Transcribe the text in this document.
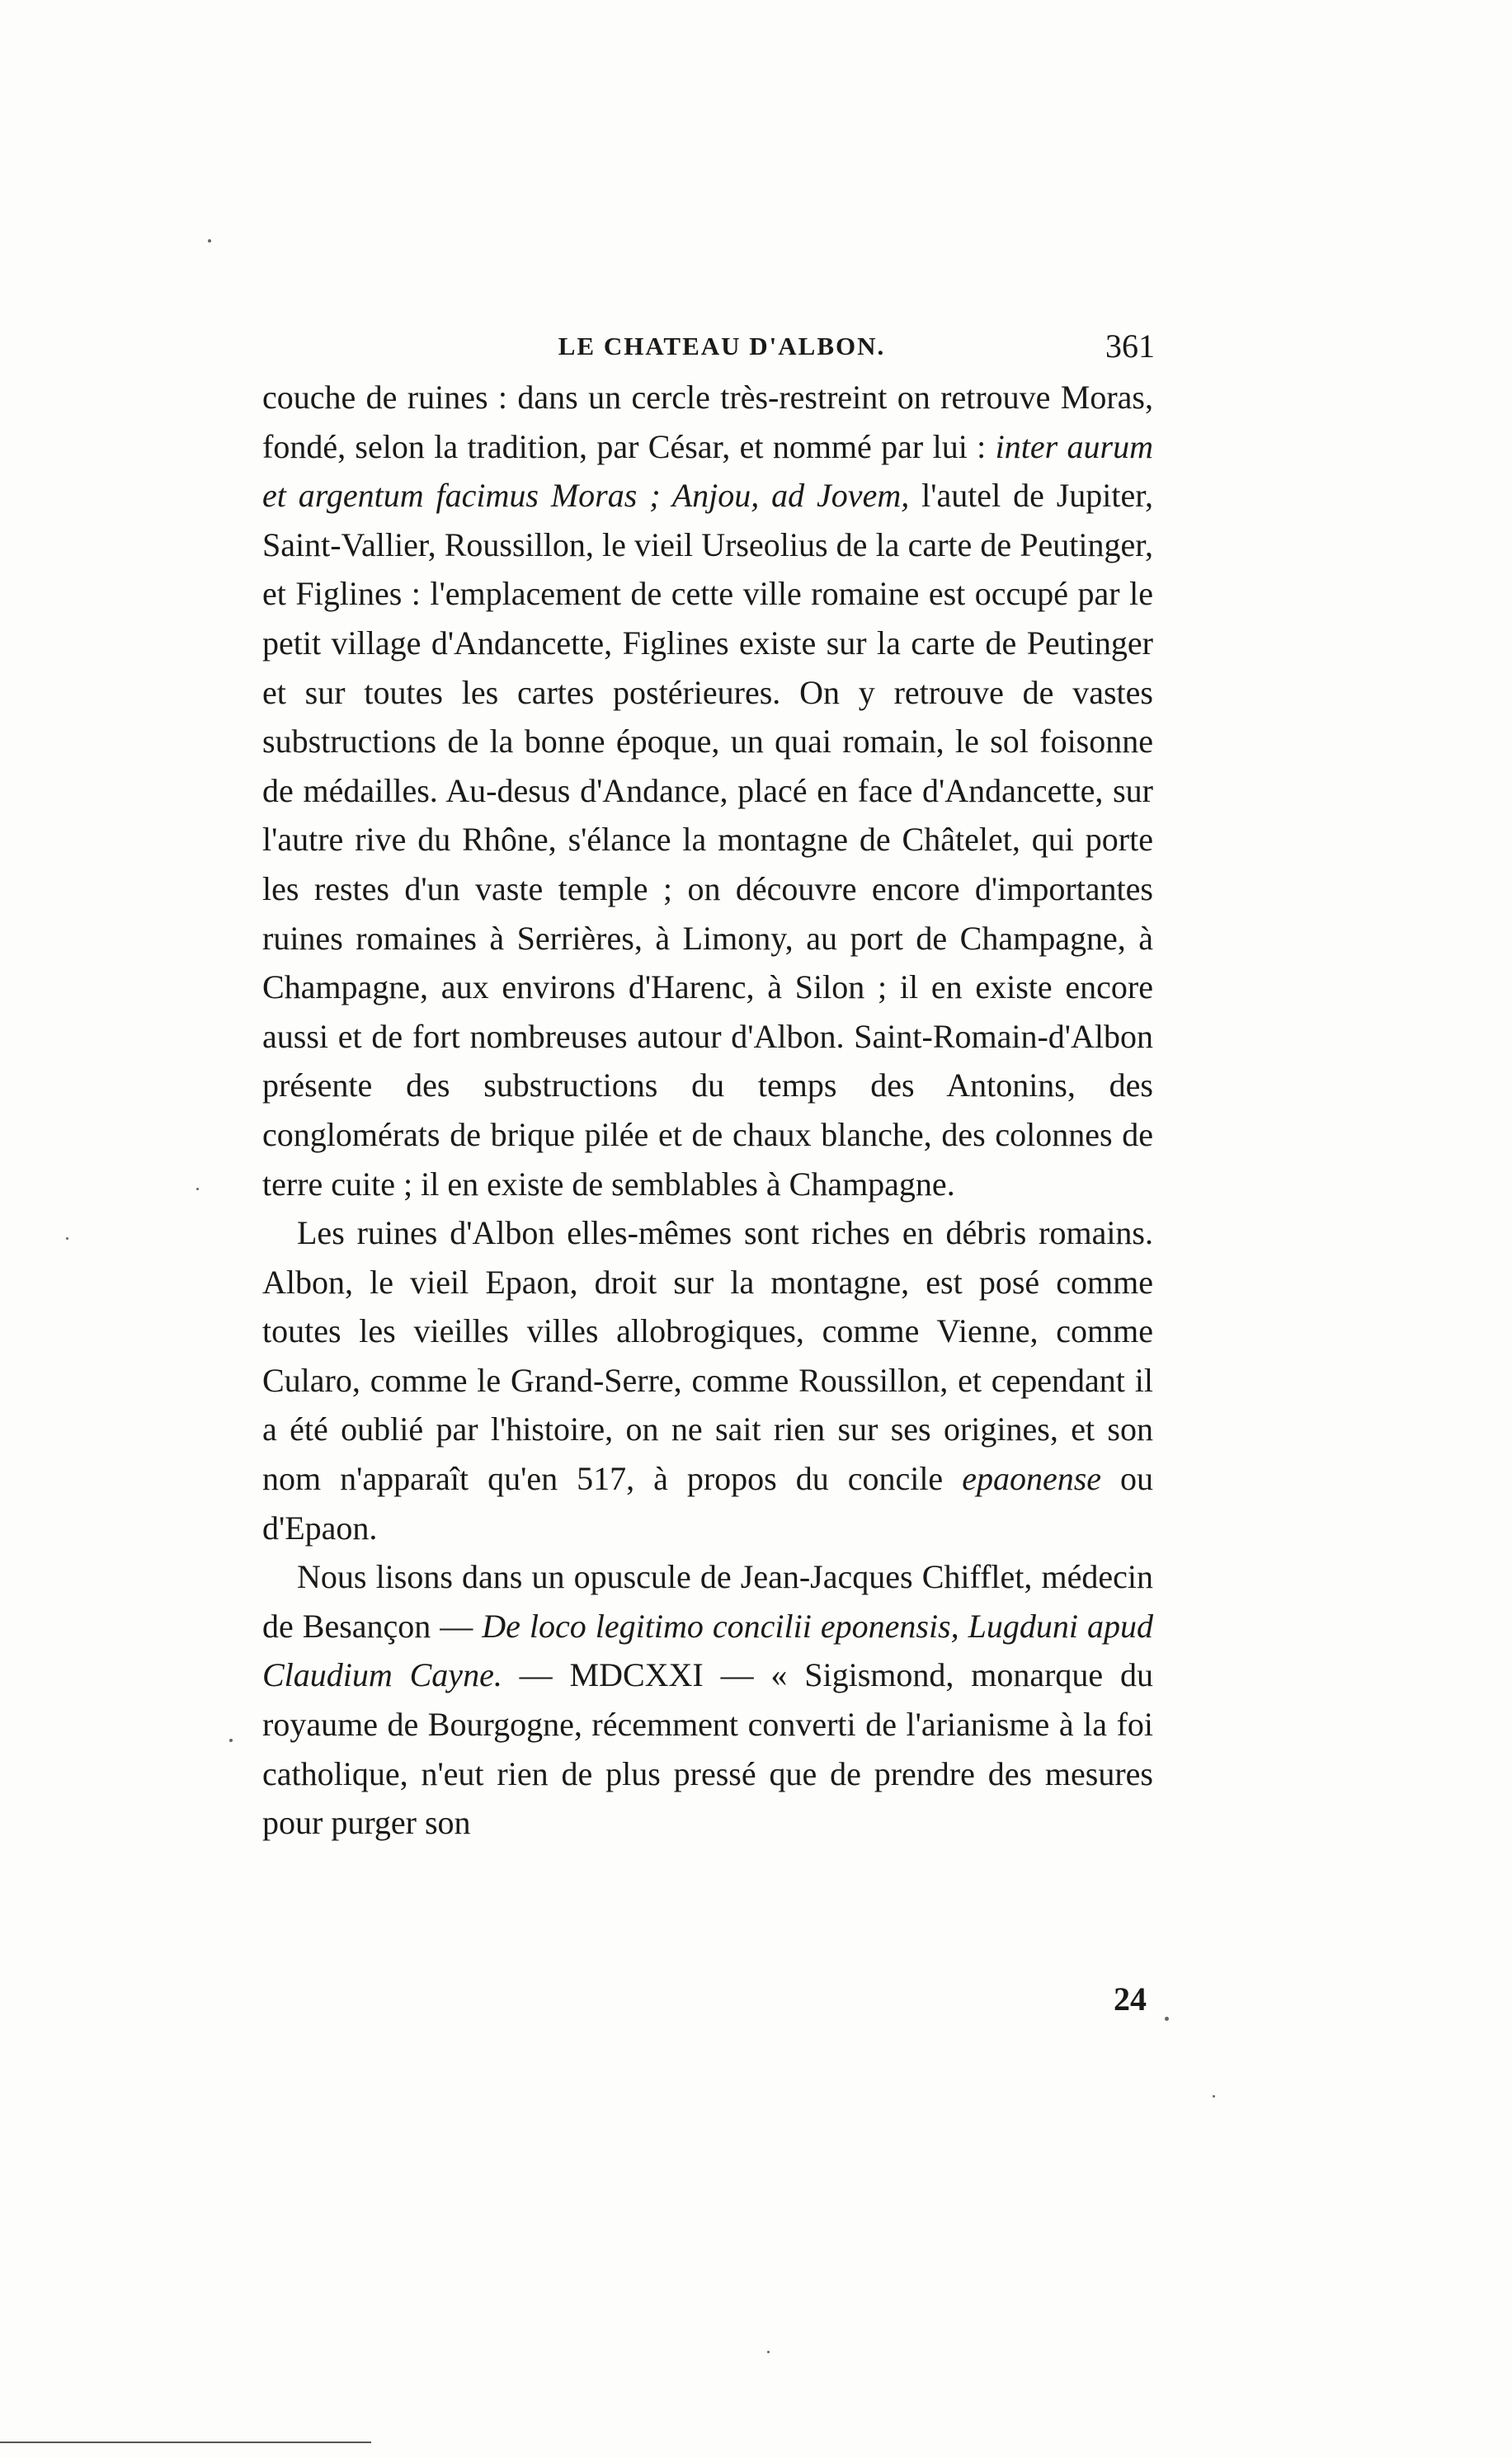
LE CHATEAU D'ALBON.	361

couche de ruines : dans un cercle très-restreint on retrouve Moras, fondé, selon la tradition, par César, et nommé par lui : inter aurum et argentum facimus Moras ; Anjou, ad Jovem, l'autel de Jupiter, Saint-Vallier, Roussillon, le vieil Urseolius de la carte de Peutinger, et Figlines : l'emplacement de cette ville romaine est occupé par le petit village d'Andancette, Figlines existe sur la carte de Peutinger et sur toutes les cartes postérieures. On y retrouve de vastes substructions de la bonne époque, un quai romain, le sol foisonne de médailles. Au-desus d'Andance, placé en face d'Andancette, sur l'autre rive du Rhône, s'élance la montagne de Châtelet, qui porte les restes d'un vaste temple ; on découvre encore d'importantes ruines romaines à Serrières, à Limony, au port de Champagne, à Champagne, aux environs d'Harenc, à Silon ; il en existe encore aussi et de fort nombreuses autour d'Albon. Saint-Romain-d'Albon présente des substructions du temps des Antonins, des conglomérats de brique pilée et de chaux blanche, des colonnes de terre cuite ; il en existe de semblables à Champagne.

Les ruines d'Albon elles-mêmes sont riches en débris romains. Albon, le vieil Epaon, droit sur la montagne, est posé comme toutes les vieilles villes allobrogiques, comme Vienne, comme Cularo, comme le Grand-Serre, comme Roussillon, et cependant il a été oublié par l'histoire, on ne sait rien sur ses origines, et son nom n'apparaît qu'en 517, à propos du concile epaonense ou d'Epaon.

Nous lisons dans un opuscule de Jean-Jacques Chifflet, médecin de Besançon — De loco legitimo concilii eponensis, Lugduni apud Claudium Cayne. — MDCXXI — « Sigismond, monarque du royaume de Bourgogne, récemment converti de l'arianisme à la foi catholique, n'eut rien de plus pressé que de prendre des mesures pour purger son

24
